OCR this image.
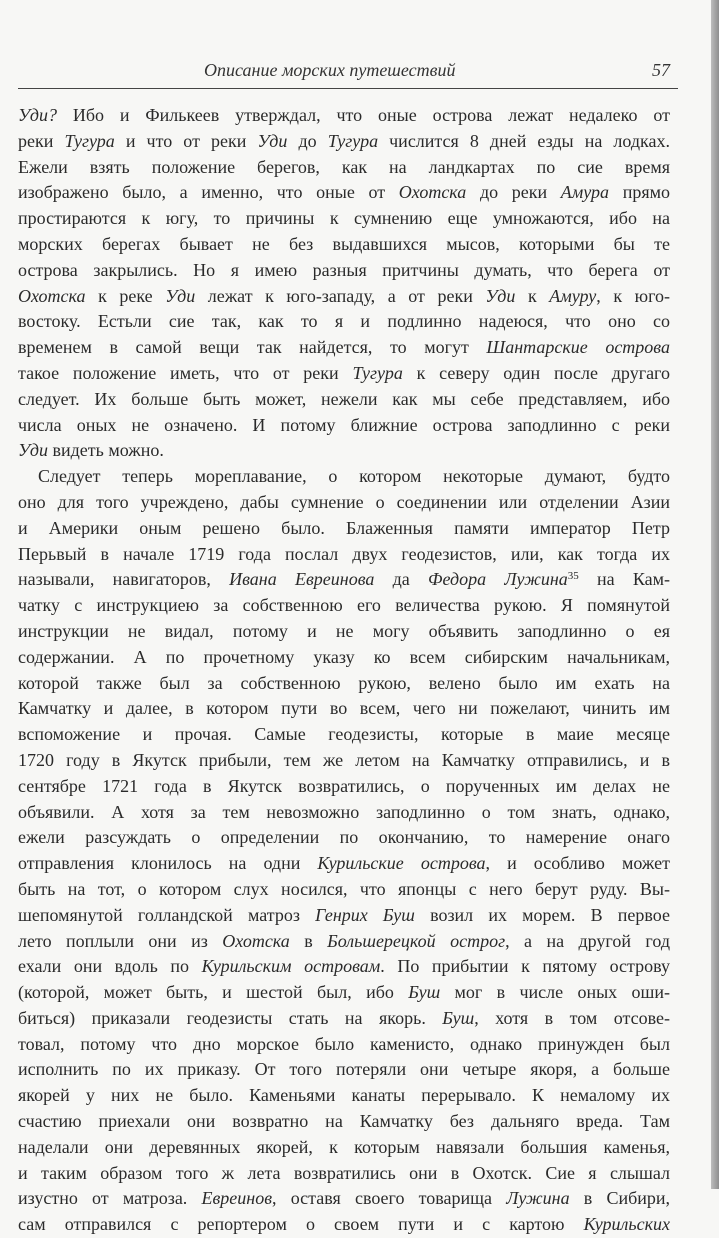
Описание морских путешествий	57
Уди? Ибо и Филькеев утверждал, что оные острова лежат недалеко от
реки Тугура и что от реки Уди до Тугура числится 8 дней езды на лодках.
Ежели взять положение берегов, как на ландкартах по сие время
изображено было, а именно, что оные от Охотска до реки Амура прямо
простираются к югу, то причины к сумнению еще умножаются, ибо на
морских берегах бывает не без выдавшихся мысов, которыми бы те
острова закрылись. Но я имею разныя притчины думать, что берега от
Охотска к реке Уди лежат к юго-западу, а от реки Уди к Амуру, к юго-
востоку. Естьли сие так, как то я и подлинно надеюся, что оно со
временем в самой вещи так найдется, то могут Шантарские острова
такое положение иметь, что от реки Тугура к северу один после другаго
следует. Их больше быть может, нежели как мы себе представляем, ибо
числа оных не означено. И потому ближние острова заподлинно с реки
Уди видеть можно.
Следует теперь мореплавание, о котором некоторые думают, будто
оно для того учреждено, дабы сумнение о соединении или отделении Азии
и Америки оным решено было. Блаженныя памяти император Петр
Перьвый в начале 1719 года послал двух геодезистов, или, как тогда их
называли, навигаторов, Ивана Евреинова да Федора Лужина$^{35}$ на Кам-
чатку с инструкциею за собственною его величества рукою. Я помянутой
инструкции не видал, потому и не могу объявить заподлинно о ея
содержании. А по прочетному указу ко всем сибирским начальникам,
которой также был за собственною рукою, велено было им ехать на
Камчатку и далее, в котором пути во всем, чего ни пожелают, чинить им
вспоможение и прочая. Самые геодезисты, которые в маие месяце
1720 году в Якутск прибыли, тем же летом на Камчатку отправились, и в
сентябре 1721 года в Якутск возвратились, о порученных им делах не
объявили. А хотя за тем невозможно заподлинно о том знать, однако,
ежели разсуждать о определении по окончанию, то намерение онаго
отправления клонилось на одни Курильские острова, и особливо может
быть на тот, о котором слух носился, что японцы с него берут руду. Вы-
шепомянутой голландской матроз Генрих Буш возил их морем. В первое
лето поплыли они из Охотска в Большерецкой острог, а на другой год
ехали они вдоль по Курильским островам. По прибытии к пятому острову
(которой, может быть, и шестой был, ибо Буш мог в числе оных оши-
биться) приказали геодезисты стать на якорь. Буш, хотя в том отсове-
товал, потому что дно морское было каменисто, однако принужден был
исполнить по их приказу. От того потеряли они четыре якоря, а больше
якорей у них не было. Каменьями канаты перерывало. К немалому их
счастию приехали они возвратно на Камчатку без дальняго вреда. Там
наделали они деревянных якорей, к которым навязали большия каменья,
и таким образом того ж лета возвратились они в Охотск. Сие я слышал
изустно от матроза. Евреинов, оставя своего товарища Лужина в Сибири,
сам отправился с репортером о своем пути и с картою Курильских
